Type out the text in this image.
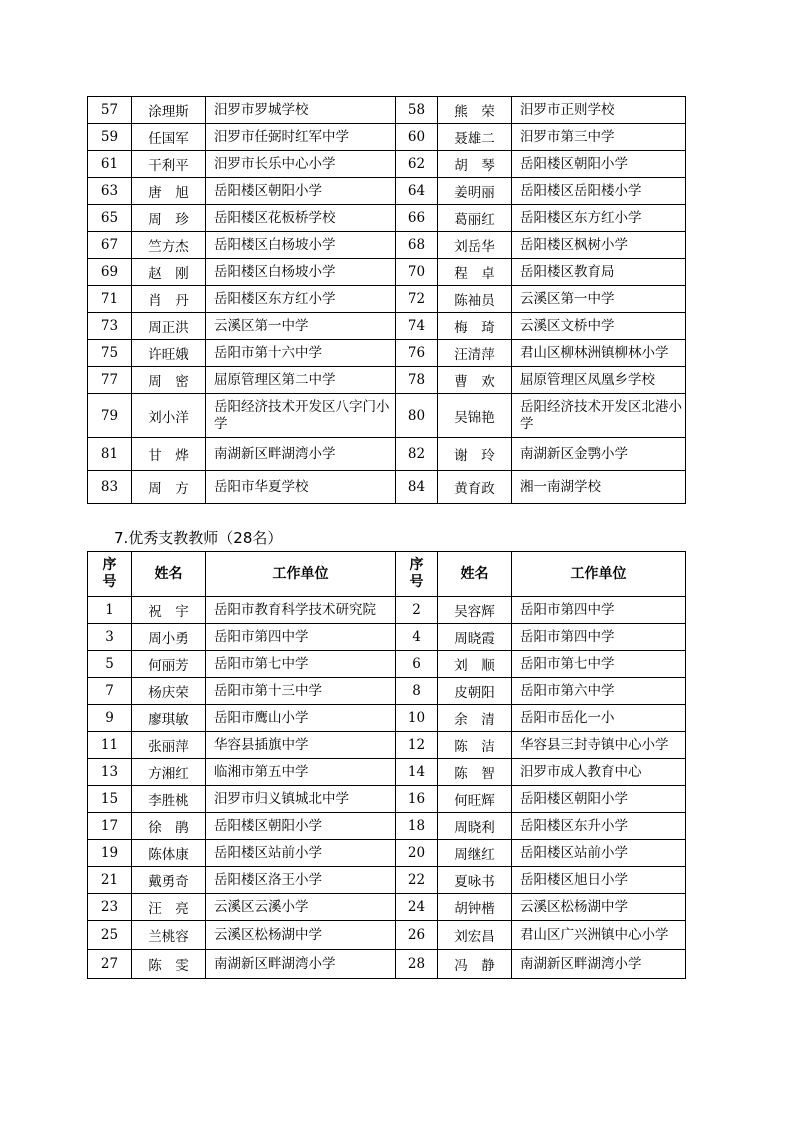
57	涂理斯	汨罗市罗城学校	58	熊　荣	汨罗市正则学校
59	任国军	汨罗市任弼时红军中学	60	聂雄二	汨罗市第三中学
61	干利平	汨罗市长乐中心小学	62	胡　琴	岳阳楼区朝阳小学
63	唐　旭	岳阳楼区朝阳小学	64	姜明丽	岳阳楼区岳阳楼小学
65	周　珍	岳阳楼区花板桥学校	66	葛丽红	岳阳楼区东方红小学
67	竺方杰	岳阳楼区白杨坡小学	68	刘岳华	岳阳楼区枫树小学
69	赵　刚	岳阳楼区白杨坡小学	70	程　卓	岳阳楼区教育局
71	肖　丹	岳阳楼区东方红小学	72	陈袖员	云溪区第一中学
73	周正洪	云溪区第一中学	74	梅　琦	云溪区文桥中学
75	许旺娥	岳阳市第十六中学	76	汪清萍	君山区柳林洲镇柳林小学
77	周　密	屈原管理区第二中学	78	曹　欢	屈原管理区凤凰乡学校
79	刘小洋	岳阳经济技术开发区八字门小学	80	吴锦艳	岳阳经济技术开发区北港小学
81	甘　烨	南湖新区畔湖湾小学	82	谢　玲	南湖新区金鹗小学
83	周　方	岳阳市华夏学校	84	黄育政	湘一南湖学校
7.优秀支教教师（28名）
序号	姓名	工作单位	序号	姓名	工作单位
1	祝　宇	岳阳市教育科学技术研究院	2	吴容辉	岳阳市第四中学
3	周小勇	岳阳市第四中学	4	周晓霞	岳阳市第四中学
5	何丽芳	岳阳市第七中学	6	刘　顺	岳阳市第七中学
7	杨庆荣	岳阳市第十三中学	8	皮朝阳	岳阳市第六中学
9	廖琪敏	岳阳市鹰山小学	10	余　清	岳阳市岳化一小
11	张丽萍	华容县插旗中学	12	陈　洁	华容县三封寺镇中心小学
13	方湘红	临湘市第五中学	14	陈　智	汨罗市成人教育中心
15	李胜桃	汨罗市归义镇城北中学	16	何旺辉	岳阳楼区朝阳小学
17	徐　鹃	岳阳楼区朝阳小学	18	周晓利	岳阳楼区东升小学
19	陈体康	岳阳楼区站前小学	20	周继红	岳阳楼区站前小学
21	戴勇奇	岳阳楼区洛王小学	22	夏咏书	岳阳楼区旭日小学
23	汪　亮	云溪区云溪小学	24	胡钟楷	云溪区松杨湖中学
25	兰桃容	云溪区松杨湖中学	26	刘宏昌	君山区广兴洲镇中心小学
27	陈　雯	南湖新区畔湖湾小学	28	冯　静	南湖新区畔湖湾小学
